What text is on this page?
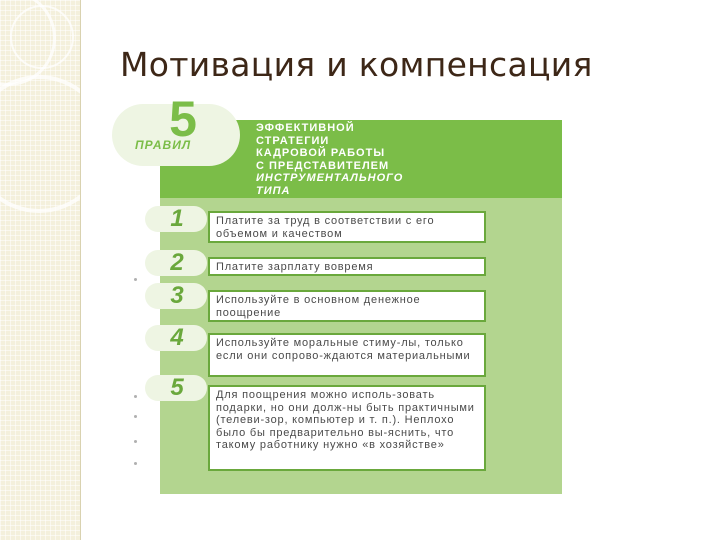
Мотивация и компенсация
5
ПРАВИЛ
ЭФФЕКТИВНОЙ
СТРАТЕГИИ
КАДРОВОЙ РАБОТЫ
С ПРЕДСТАВИТЕЛЕМ
ИНСТРУМЕНТАЛЬНОГО
ТИПА
1	Платите за труд в соответствии с его объемом и качеством
2	Платите зарплату вовремя
3	Используйте в основном денежное поощрение
4	Используйте моральные стиму-лы, только если они сопрово-ждаются материальными
5	Для поощрения можно исполь-зовать подарки, но они долж-ны быть практичными (телеви-зор, компьютер и т. п.). Неплохо было бы предварительно вы-яснить, что такому работнику нужно «в хозяйстве»
